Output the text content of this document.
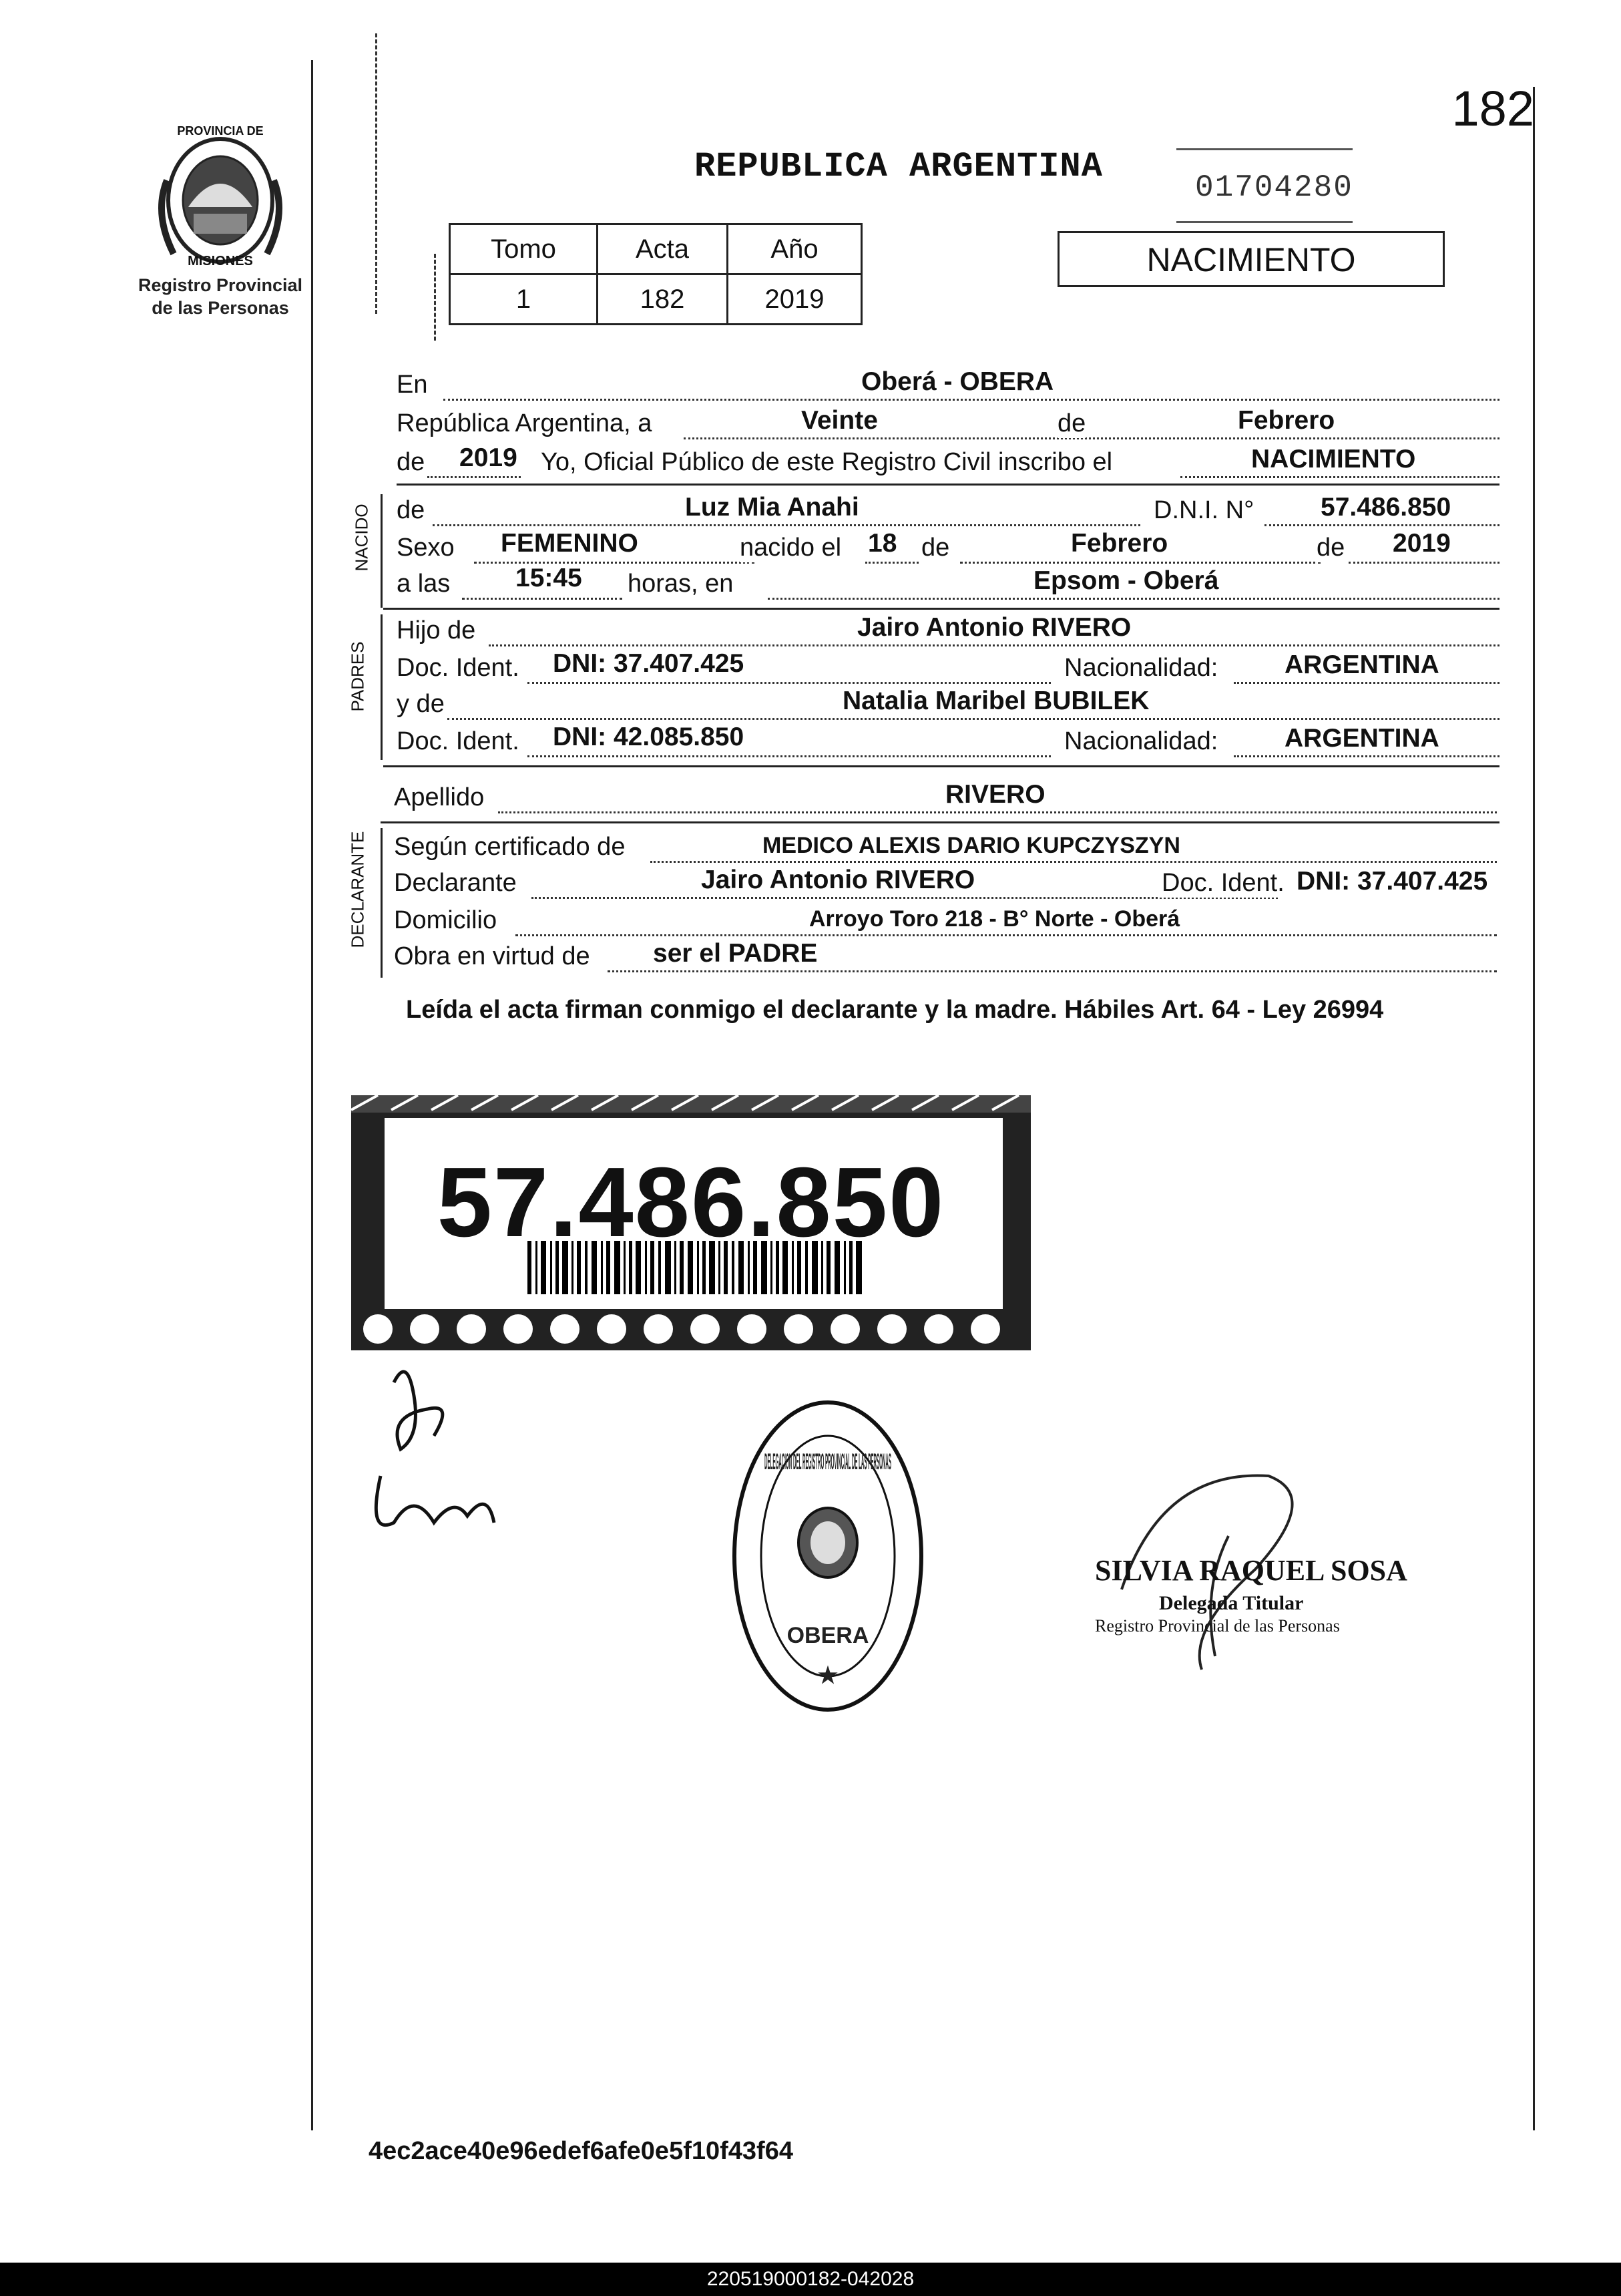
PROVINCIA DE
MISIONES
Registro Provincial
de las Personas
182
REPUBLICA ARGENTINA
01704280
Tomo	Acta	Año
1	182	2019
NACIMIENTO
En	Oberá - OBERA
República Argentina, a	Veinte	de	Febrero
de 2019 Yo, Oficial Público de este Registro Civil inscribo el	NACIMIENTO
NACIDO de	Luz Mia Anahi	D.N.I. N°	57.486.850
Sexo FEMENINO	nacido el 18 de	Febrero	de 2019
a las	15:45 horas, en	Epsom - Oberá
PADRES
Hijo de	Jairo Antonio RIVERO
Doc. Ident. DNI: 37.407.425	Nacionalidad:	ARGENTINA
y de	Natalia Maribel BUBILEK
Doc. Ident. DNI: 42.085.850	Nacionalidad:	ARGENTINA
Apellido	RIVERO
DECLARANTE Según certificado de	MEDICO ALEXIS DARIO KUPCZYSZYN
Declarante	Jairo Antonio RIVERO	Doc. Ident. DNI: 37.407.425
Domicilio	Arroyo Toro 218 - B° Norte - Oberá
Obra en virtud de ser el PADRE
Leída el acta firman conmigo el declarante y la madre. Hábiles Art. 64 - Ley 26994
57.486.850
OBERA
★
DELEGACION DEL REGISTRO PROVINCIAL DE LAS PERSONAS
SILVIA RAQUEL SOSA
Delegada Titular
Registro Provincial de las Personas
4ec2ace40e96edef6afe0e5f10f43f64
220519000182-042028
